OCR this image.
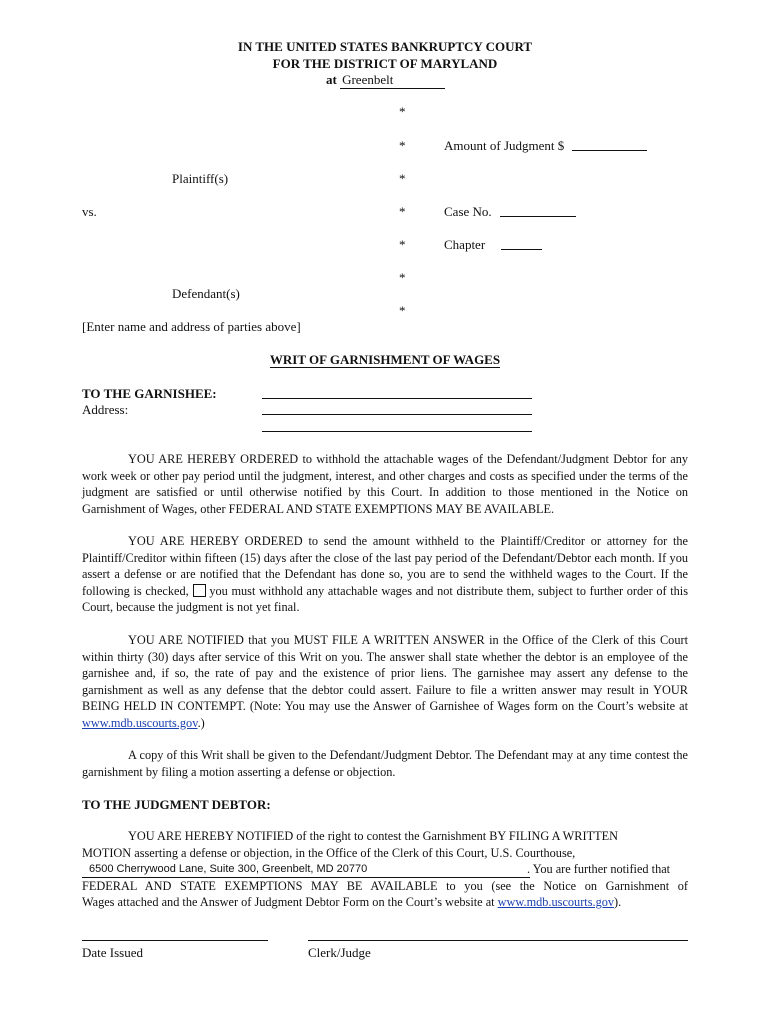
IN THE UNITED STATES BANKRUPTCY COURT
FOR THE DISTRICT OF MARYLAND
at Greenbelt
*
*
*
*
*
*
*
Amount of Judgment $
Case No.
Chapter
Plaintiff(s)
vs.
Defendant(s)
[Enter name and address of parties above]
WRIT OF GARNISHMENT OF WAGES
TO THE GARNISHEE:
Address:
YOU ARE HEREBY ORDERED to withhold the attachable wages of the Defendant/Judgment Debtor for any work week or other pay period until the judgment, interest, and other charges and costs as specified under the terms of the judgment are satisfied or until otherwise notified by this Court. In addition to those mentioned in the Notice on Garnishment of Wages, other FEDERAL AND STATE EXEMPTIONS MAY BE AVAILABLE.
YOU ARE HEREBY ORDERED to send the amount withheld to the Plaintiff/Creditor or attorney for the Plaintiff/Creditor within fifteen (15) days after the close of the last pay period of the Defendant/Debtor each month. If you assert a defense or are notified that the Defendant has done so, you are to send the withheld wages to the Court. If the following is checked, you must withhold any attachable wages and not distribute them, subject to further order of this Court, because the judgment is not yet final.
YOU ARE NOTIFIED that you MUST FILE A WRITTEN ANSWER in the Office of the Clerk of this Court within thirty (30) days after service of this Writ on you. The answer shall state whether the debtor is an employee of the garnishee and, if so, the rate of pay and the existence of prior liens. The garnishee may assert any defense to the garnishment as well as any defense that the debtor could assert. Failure to file a written answer may result in YOUR BEING HELD IN CONTEMPT. (Note: You may use the Answer of Garnishee of Wages form on the Court’s website at www.mdb.uscourts.gov.)
A copy of this Writ shall be given to the Defendant/Judgment Debtor. The Defendant may at any time contest the garnishment by filing a motion asserting a defense or objection.
TO THE JUDGMENT DEBTOR:
YOU ARE HEREBY NOTIFIED of the right to contest the Garnishment BY FILING A WRITTEN
MOTION asserting a defense or objection, in the Office of the Clerk of this Court, U.S. Courthouse,
6500 Cherrywood Lane, Suite 300, Greenbelt, MD 20770	. You are further notified that
FEDERAL AND STATE EXEMPTIONS MAY BE AVAILABLE to you (see the Notice on Garnishment of
Wages attached and the Answer of Judgment Debtor Form on the Court’s website at www.mdb.uscourts.gov).
Date Issued	Clerk/Judge
